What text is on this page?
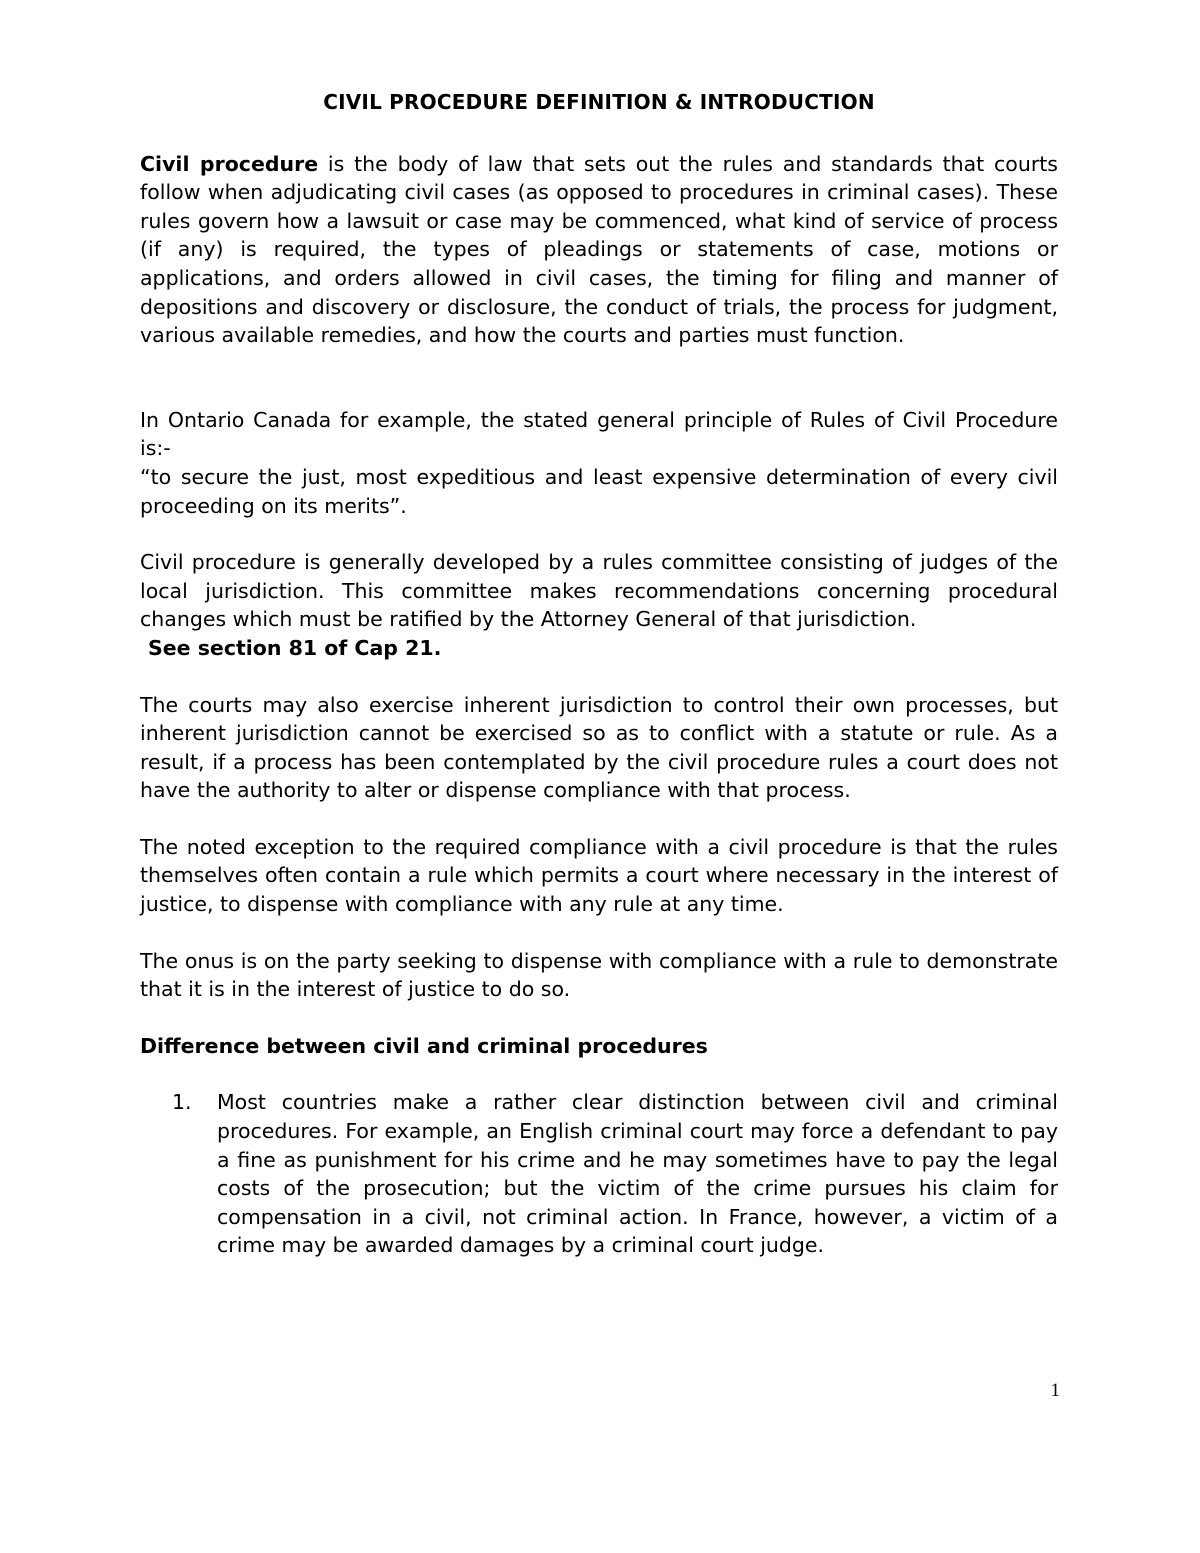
CIVIL PROCEDURE DEFINITION & INTRODUCTION

Civil procedure is the body of law that sets out the rules and standards that courts follow when adjudicating civil cases (as opposed to procedures in criminal cases). These rules govern how a lawsuit or case may be commenced, what kind of service of process (if any) is required, the types of pleadings or statements of case, motions or applications, and orders allowed in civil cases, the timing for filing and manner of depositions and discovery or disclosure, the conduct of trials, the process for judgment, various available remedies, and how the courts and parties must function.

In Ontario Canada for example, the stated general principle of Rules of Civil Procedure is:-

“to secure the just, most expeditious and least expensive determination of every civil proceeding on its merits”.

Civil procedure is generally developed by a rules committee consisting of judges of the local jurisdiction. This committee makes recommendations concerning procedural changes which must be ratified by the Attorney General of that jurisdiction.

See section 81 of Cap 21.

The courts may also exercise inherent jurisdiction to control their own processes, but inherent jurisdiction cannot be exercised so as to conflict with a statute or rule. As a result, if a process has been contemplated by the civil procedure rules a court does not have the authority to alter or dispense compliance with that process.

The noted exception to the required compliance with a civil procedure is that the rules themselves often contain a rule which permits a court where necessary in the interest of justice, to dispense with compliance with any rule at any time.

The onus is on the party seeking to dispense with compliance with a rule to demonstrate that it is in the interest of justice to do so.

Difference between civil and criminal procedures
1. Most countries make a rather clear distinction between civil and criminal procedures. For example, an English criminal court may force a defendant to pay a fine as punishment for his crime and he may sometimes have to pay the legal costs of the prosecution; but the victim of the crime pursues his claim for compensation in a civil, not criminal action. In France, however, a victim of a crime may be awarded damages by a criminal court judge.
1
